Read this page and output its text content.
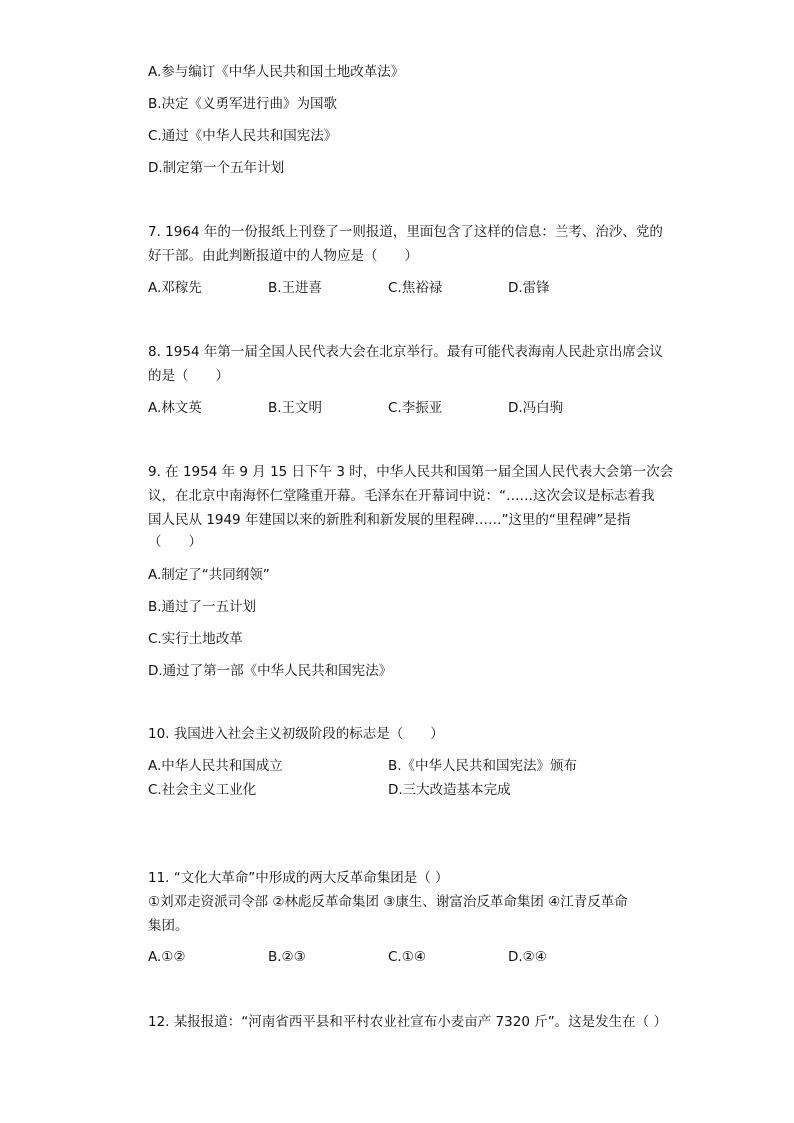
A.参与编订《中华人民共和国土地改革法》
B.决定《义勇军进行曲》为国歌
C.通过《中华人民共和国宪法》
D.制定第一个五年计划
7. 1964 年的一份报纸上刊登了一则报道，里面包含了这样的信息：兰考、治沙、党的
好干部。由此判断报道中的人物应是（　　）
A.邓稼先	B.王进喜	C.焦裕禄	D.雷锋
8. 1954 年第一届全国人民代表大会在北京举行。最有可能代表海南人民赴京出席会议
的是（　　）
A.林文英	B.王文明	C.李振亚	D.冯白驹
9. 在 1954 年 9 月 15 日下午 3 时，中华人民共和国第一届全国人民代表大会第一次会
议，在北京中南海怀仁堂隆重开幕。毛泽东在开幕词中说：“……这次会议是标志着我
国人民从 1949 年建国以来的新胜利和新发展的里程碑……”这里的“里程碑”是指
（　　）
A.制定了“共同纲领”
B.通过了一五计划
C.实行土地改革
D.通过了第一部《中华人民共和国宪法》
10. 我国进入社会主义初级阶段的标志是（　　）
A.中华人民共和国成立	B.《中华人民共和国宪法》颁布
C.社会主义工业化	D.三大改造基本完成
11. “文化大革命”中形成的两大反革命集团是（ ）
①刘邓走资派司令部 ②林彪反革命集团 ③康生、谢富治反革命集团 ④江青反革命
集团。
A.①②	B.②③	C.①④	D.②④
12. 某报报道：“河南省西平县和平村农业社宣布小麦亩产 7320 斤”。这是发生在（ ）
